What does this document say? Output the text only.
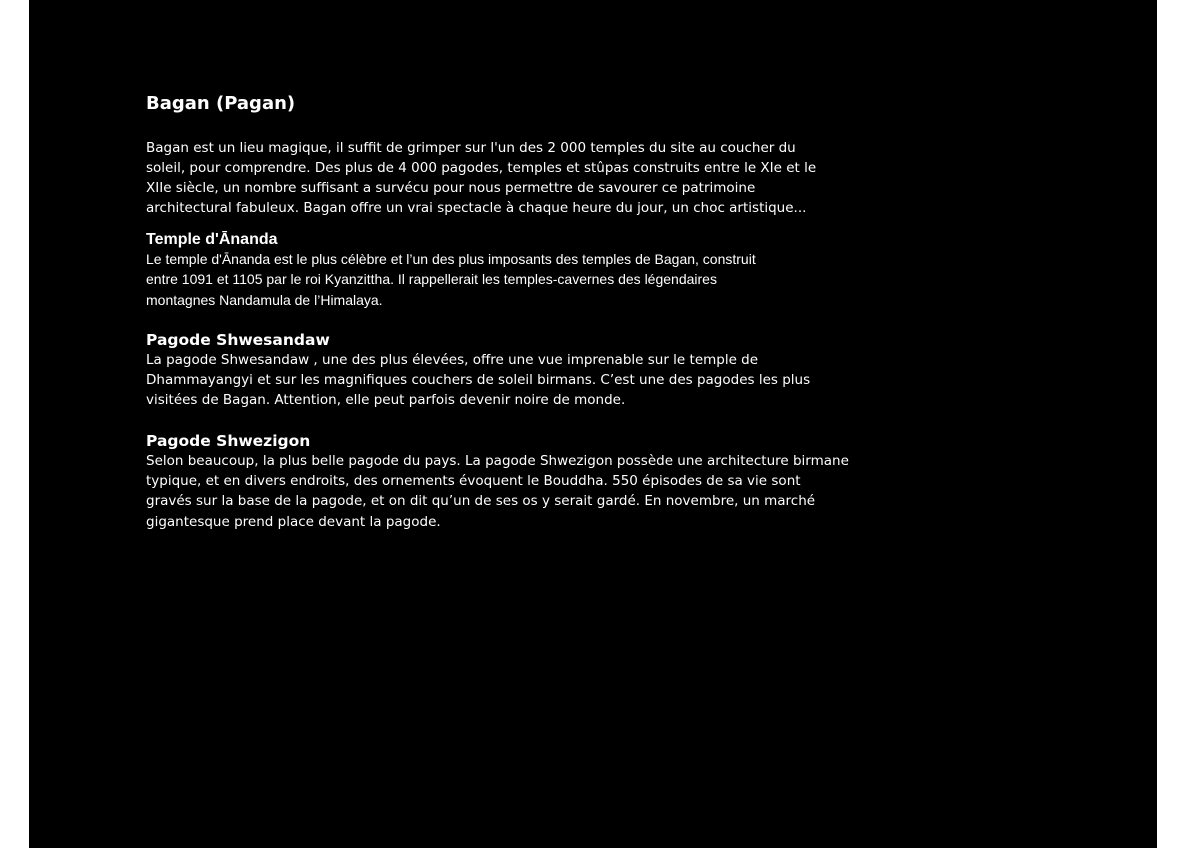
Bagan (Pagan)

Bagan est un lieu magique, il suffit de grimper sur l'un des 2 000 temples du site au coucher du
soleil, pour comprendre. Des plus de 4 000 pagodes, temples et stûpas construits entre le XIe et le
XIIe siècle, un nombre suffisant a survécu pour nous permettre de savourer ce patrimoine
architectural fabuleux. Bagan offre un vrai spectacle à chaque heure du jour, un choc artistique...

Temple d'Ānanda

Le temple d'Ānanda est le plus célèbre et l’un des plus imposants des temples de Bagan, construit
entre 1091 et 1105 par le roi Kyanzittha. Il rappellerait les temples-cavernes des légendaires
montagnes Nandamula de l’Himalaya.

Pagode Shwesandaw

La pagode Shwesandaw , une des plus élevées, offre une vue imprenable sur le temple de
Dhammayangyi et sur les magnifiques couchers de soleil birmans. C’est une des pagodes les plus
visitées de Bagan. Attention, elle peut parfois devenir noire de monde.

Pagode Shwezigon

Selon beaucoup, la plus belle pagode du pays. La pagode Shwezigon possède une architecture birmane
typique, et en divers endroits, des ornements évoquent le Bouddha. 550 épisodes de sa vie sont
gravés sur la base de la pagode, et on dit qu’un de ses os y serait gardé. En novembre, un marché
gigantesque prend place devant la pagode.
